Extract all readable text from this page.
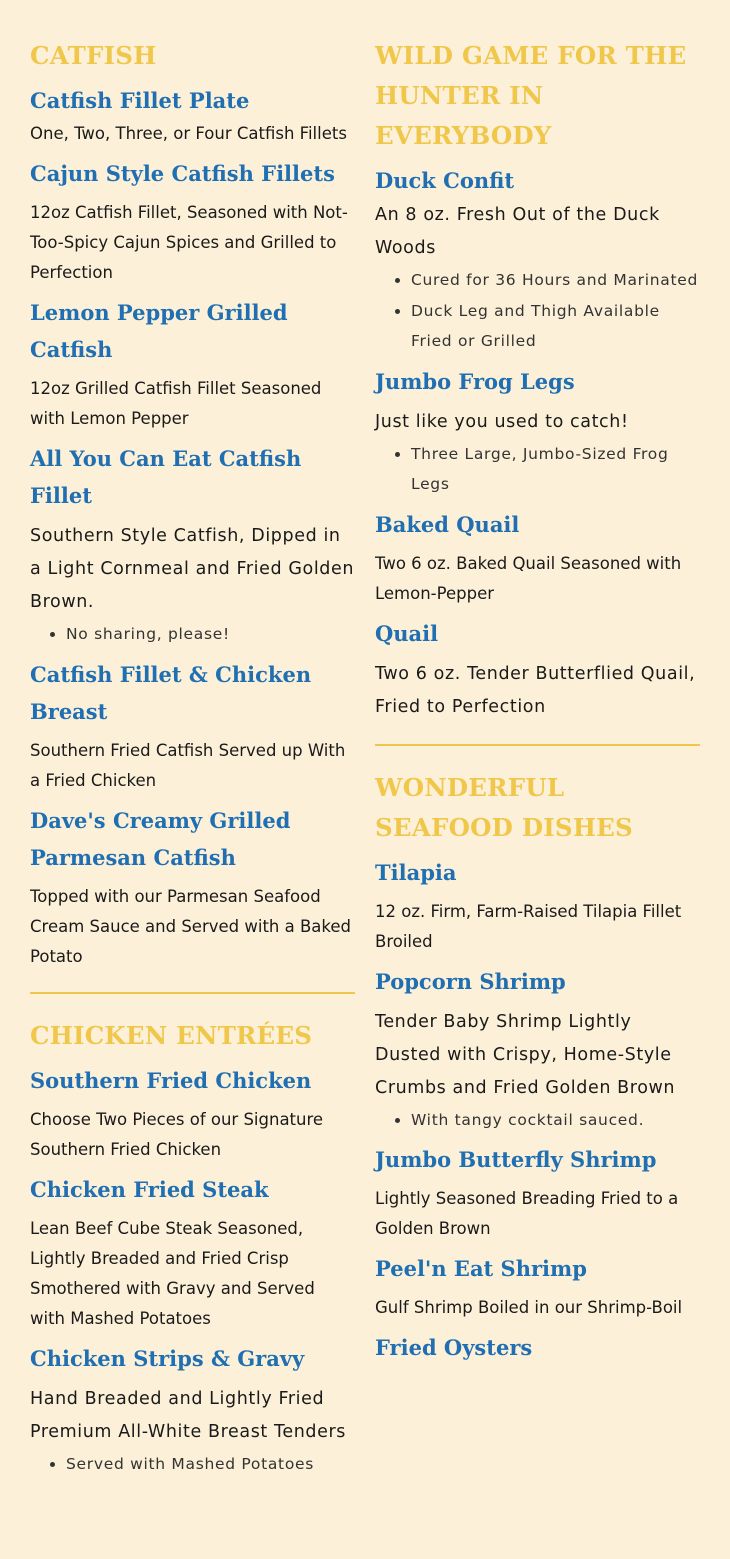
CATFISH
Catfish Fillet Plate

One, Two, Three, or Four Catfish Fillets

Cajun Style Catfish Fillets

12oz Catfish Fillet, Seasoned with Not-Too-Spicy Cajun Spices and Grilled to Perfection

Lemon Pepper Grilled Catfish

12oz Grilled Catfish Fillet Seasoned with Lemon Pepper

All You Can Eat Catfish Fillet

Southern Style Catfish, Dipped in a Light Cornmeal and Fried Golden Brown.

• No sharing, please!
Catfish Fillet & Chicken Breast

Southern Fried Catfish Served up With a Fried Chicken

Dave's Creamy Grilled Parmesan Catfish

Topped with our Parmesan Seafood Cream Sauce and Served with a Baked Potato

CHICKEN ENTRÉES
Southern Fried Chicken

Choose Two Pieces of our Signature Southern Fried Chicken

Chicken Fried Steak

Lean Beef Cube Steak Seasoned, Lightly Breaded and Fried Crisp Smothered with Gravy and Served with Mashed Potatoes

Chicken Strips & Gravy

Hand Breaded and Lightly Fried Premium All-White Breast Tenders

• Served with Mashed Potatoes
WILD GAME FOR THE HUNTER IN EVERYBODY
Duck Confit

An 8 oz. Fresh Out of the Duck Woods

• Cured for 36 Hours and Marinated
• Duck Leg and Thigh Available Fried or Grilled
Jumbo Frog Legs

Just like you used to catch!

• Three Large, Jumbo-Sized Frog Legs
Baked Quail

Two 6 oz. Baked Quail Seasoned with Lemon-Pepper

Quail

Two 6 oz. Tender Butterflied Quail, Fried to Perfection

WONDERFUL SEAFOOD DISHES
Tilapia

12 oz. Firm, Farm-Raised Tilapia Fillet Broiled

Popcorn Shrimp

Tender Baby Shrimp Lightly Dusted with Crispy, Home-Style Crumbs and Fried Golden Brown

• With tangy cocktail sauced.
Jumbo Butterfly Shrimp

Lightly Seasoned Breading Fried to a Golden Brown

Peel'n Eat Shrimp

Gulf Shrimp Boiled in our Shrimp-Boil

Fried Oysters
